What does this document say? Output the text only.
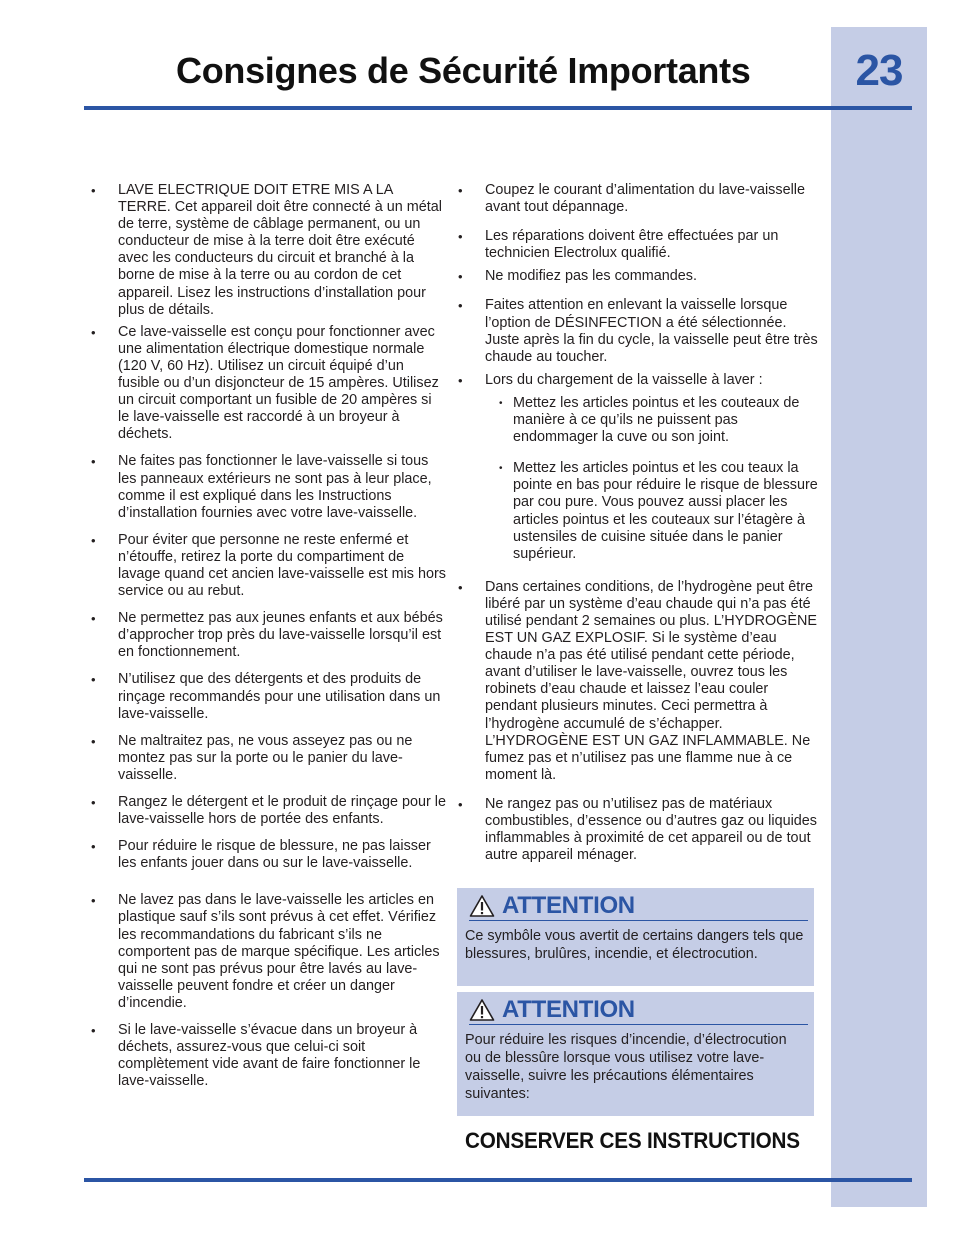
23
Consignes de Sécurité Importants
• LAVE ELECTRIQUE DOIT ETRE MIS A LA TERRE. Cet appareil doit être connecté à un métal de terre, système de câblage permanent, ou un conducteur de mise à la terre doit être exécuté avec les conducteurs du circuit et branché à la borne de mise à la terre ou au cordon de cet appareil. Lisez les instructions d’installation pour plus de détails.
• Ce lave-vaisselle est conçu pour fonctionner avec une alimentation électrique domestique normale (120 V, 60 Hz). Utilisez un circuit équipé d’un fusible ou d’un disjoncteur de 15 ampères. Utilisez un circuit comportant un fusible de 20 ampères si le lave-vaisselle est raccordé à un broyeur à déchets.
• Ne faites pas fonctionner le lave-vaisselle si tous les panneaux extérieurs ne sont pas à leur place, comme il est expliqué dans les Instructions d’installation fournies avec votre lave-vaisselle.
• Pour éviter que personne ne reste enfermé et n’étouffe, retirez la porte du compartiment de lavage quand cet ancien lave-vaisselle est mis hors service ou au rebut.
• Ne permettez pas aux jeunes enfants et aux bébés d’approcher trop près du lave-vaisselle lorsqu’il est en fonctionnement.
• N’utilisez que des détergents et des produits de rinçage recommandés pour une utilisation dans un lave-vaisselle.
• Ne maltraitez pas, ne vous asseyez pas ou ne montez pas sur la porte ou le panier du lave-vaisselle.
• Rangez le détergent et le produit de rinçage pour le lave-vaisselle hors de portée des enfants.
• Pour réduire le risque de blessure, ne pas laisser les enfants jouer dans ou sur le lave-vaisselle.
• Ne lavez pas dans le lave-vaisselle les articles en plastique sauf s’ils sont prévus à cet effet. Vérifiez les recommandations du fabricant s’ils ne comportent pas de marque spécifique. Les articles qui ne sont pas prévus pour être lavés au lave-vaisselle peuvent fondre et créer un danger d’incendie.
• Si le lave-vaisselle s’évacue dans un broyeur à déchets, assurez-vous que celui-ci soit complètement vide avant de faire fonctionner le lave-vaisselle.
• Coupez le courant d’alimentation du lave-vaisselle avant tout dépannage.
• Les réparations doivent être effectuées par un technicien Electrolux qualifié.
• Ne modifiez pas les commandes.
• Faites attention en enlevant la vaisselle lorsque l’option de DÉSINFECTION a été sélectionnée. Juste après la fin du cycle, la vaisselle peut être très chaude au toucher.
• Lors du chargement de la vaisselle à laver :
• Mettez les articles pointus et les couteaux de manière à ce qu’ils ne puissent pas endommager la cuve ou son joint.
• Mettez les articles pointus et les cou teaux la pointe en bas pour réduire le risque de blessure par cou pure. Vous pouvez aussi placer les articles pointus et les couteaux sur l’étagère à ustensiles de cuisine située dans le panier supérieur.
• Dans certaines conditions, de l’hydrogène peut être libéré par un système d’eau chaude qui n’a pas été utilisé pendant 2 semaines ou plus. L’HYDROGÈNE EST UN GAZ EXPLOSIF. Si le système d’eau chaude n’a pas été utilisé pendant cette période, avant d’utiliser le lave-vaisselle, ouvrez tous les robinets d’eau chaude et laissez l’eau couler pendant plusieurs minutes. Ceci permettra à l’hydrogène accumulé de s’échapper. L’HYDROGÈNE EST UN GAZ INFLAMMABLE. Ne fumez pas et n’utilisez pas une flamme nue à ce moment là.
• Ne rangez pas ou n’utilisez pas de matériaux combustibles, d’essence ou d’autres gaz ou liquides inflammables à proximité de cet appareil ou de tout autre appareil ménager.
ATTENTION
Ce symbôle vous avertit de certains dangers tels que blessures, brulûres, incendie, et électrocution.
ATTENTION
Pour réduire les risques d’incendie, d’électrocution ou de blessûre lorsque vous utilisez votre lave-vaisselle, suivre les précautions élémentaires suivantes:
CONSERVER CES INSTRUCTIONS
